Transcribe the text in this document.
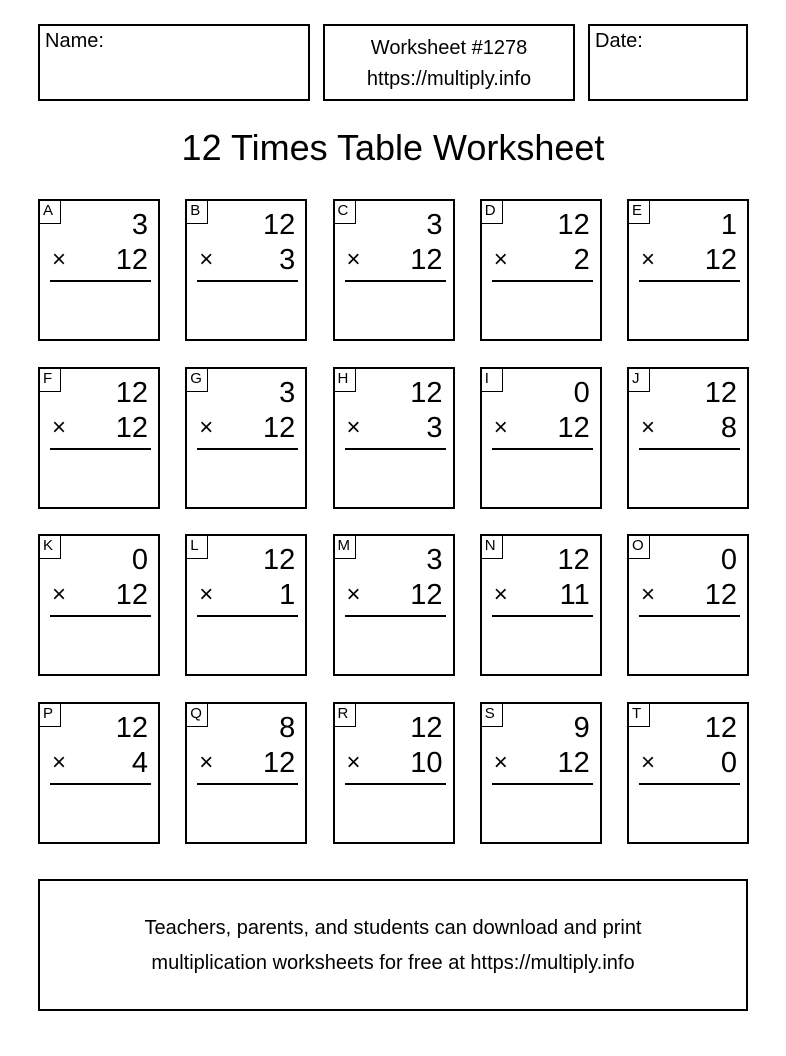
Name:	Worksheet #1278
https://multiply.info
Date:
12 Times Table Worksheet
A	3
× 12
B 12
× 3
C	3
× 12
D 12
× 2
E	1
× 12
F	12
× 12
G	3
× 12
H 12
× 3
I	0
× 12
J	12
× 8
K	0
× 12
L	12
× 1
M	3
× 12
N 12
× 11
O	0
× 12
P 12
× 4
Q	8
× 12
R 12
× 10
S	9
× 12
T	12
× 0
Teachers, parents, and students can download and print
multiplication worksheets for free at https://multiply.info
